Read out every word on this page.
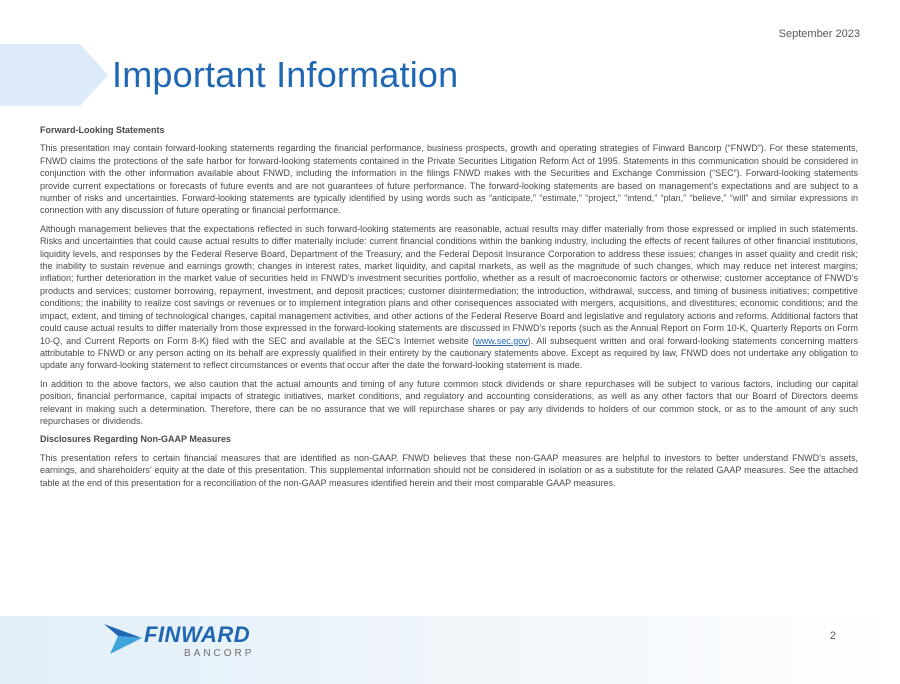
September 2023
Important Information
Forward-Looking Statements

This presentation may contain forward-looking statements regarding the financial performance, business prospects, growth and operating strategies of Finward Bancorp (“FNWD”). For these statements, FNWD claims the protections of the safe harbor for forward-looking statements contained in the Private Securities Litigation Reform Act of 1995. Statements in this communication should be considered in conjunction with the other information available about FNWD, including the information in the filings FNWD makes with the Securities and Exchange Commission (“SEC”). Forward-looking statements provide current expectations or forecasts of future events and are not guarantees of future performance. The forward-looking statements are based on management’s expectations and are subject to a number of risks and uncertainties. Forward-looking statements are typically identified by using words such as “anticipate,” “estimate,” “project,” “intend,” “plan,” “believe,” “will” and similar expressions in connection with any discussion of future operating or financial performance.

Although management believes that the expectations reflected in such forward-looking statements are reasonable, actual results may differ materially from those expressed or implied in such statements. Risks and uncertainties that could cause actual results to differ materially include: current financial conditions within the banking industry, including the effects of recent failures of other financial institutions, liquidity levels, and responses by the Federal Reserve Board, Department of the Treasury, and the Federal Deposit Insurance Corporation to address these issues; changes in asset quality and credit risk; the inability to sustain revenue and earnings growth; changes in interest rates, market liquidity, and capital markets, as well as the magnitude of such changes, which may reduce net interest margins; inflation; further deterioration in the market value of securities held in FNWD’s investment securities portfolio, whether as a result of macroeconomic factors or otherwise; customer acceptance of FNWD’s products and services; customer borrowing, repayment, investment, and deposit practices; customer disintermediation; the introduction, withdrawal, success, and timing of business initiatives; competitive conditions; the inability to realize cost savings or revenues or to implement integration plans and other consequences associated with mergers, acquisitions, and divestitures; economic conditions; and the impact, extent, and timing of technological changes, capital management activities, and other actions of the Federal Reserve Board and legislative and regulatory actions and reforms. Additional factors that could cause actual results to differ materially from those expressed in the forward-looking statements are discussed in FNWD’s reports (such as the Annual Report on Form 10-K, Quarterly Reports on Form 10-Q, and Current Reports on Form 8-K) filed with the SEC and available at the SEC’s Internet website (www.sec.gov). All subsequent written and oral forward-looking statements concerning matters attributable to FNWD or any person acting on its behalf are expressly qualified in their entirety by the cautionary statements above. Except as required by law, FNWD does not undertake any obligation to update any forward-looking statement to reflect circumstances or events that occur after the date the forward-looking statement is made.

In addition to the above factors, we also caution that the actual amounts and timing of any future common stock dividends or share repurchases will be subject to various factors, including our capital position, financial performance, capital impacts of strategic initiatives, market conditions, and regulatory and accounting considerations, as well as any other factors that our Board of Directors deems relevant in making such a determination. Therefore, there can be no assurance that we will repurchase shares or pay any dividends to holders of our common stock, or as to the amount of any such repurchases or dividends.

Disclosures Regarding Non-GAAP Measures

This presentation refers to certain financial measures that are identified as non-GAAP. FNWD believes that these non-GAAP measures are helpful to investors to better understand FNWD’s assets, earnings, and shareholders’ equity at the date of this presentation. This supplemental information should not be considered in isolation or as a substitute for the related GAAP measures. See the attached table at the end of this presentation for a reconciliation of the non-GAAP measures identified herein and their most comparable GAAP measures.

FINWARD
BANCORP
2
